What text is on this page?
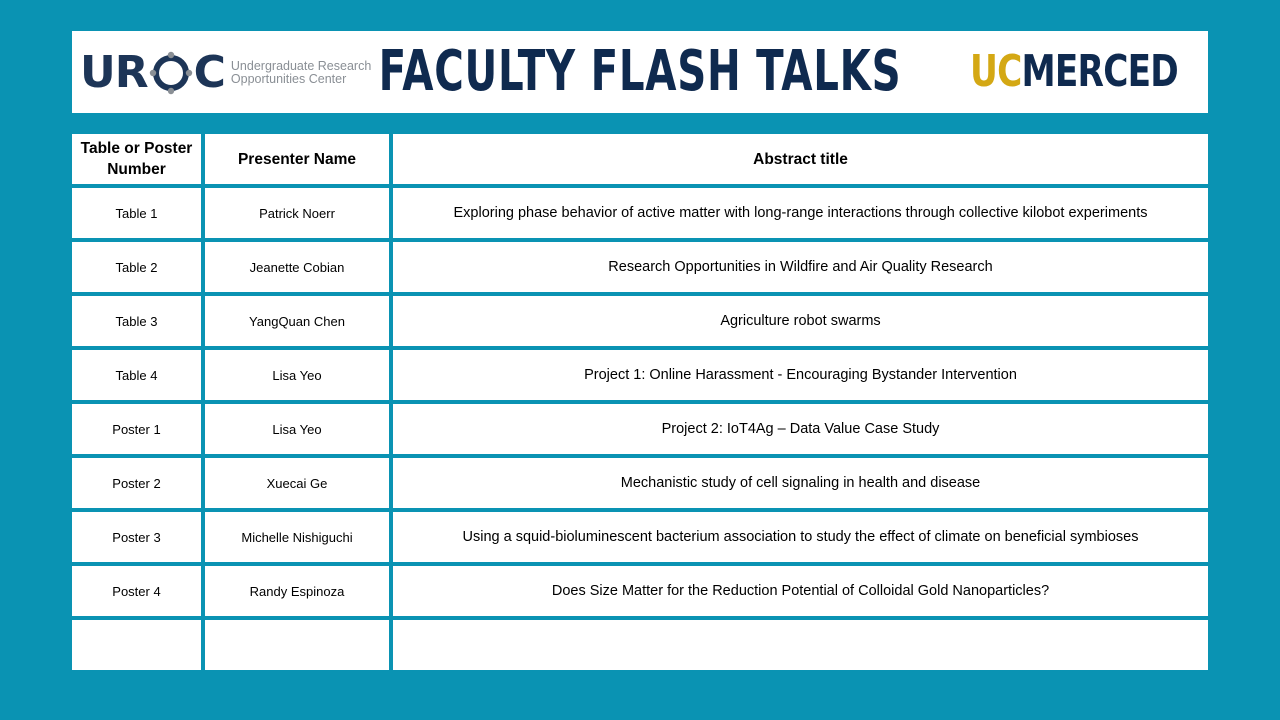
UR C Undergraduate Research
Opportunities Center FACULTY FLASH TALKS	UCMERCED
Table or Poster Number	Presenter Name	Abstract title
Table 1	Patrick Noerr	Exploring phase behavior of active matter with long-range interactions through collective kilobot experiments
Table 2	Jeanette Cobian	Research Opportunities in Wildfire and Air Quality Research
Table 3	YangQuan Chen	Agriculture robot swarms
Table 4	Lisa Yeo	Project 1: Online Harassment - Encouraging Bystander Intervention
Poster 1	Lisa Yeo	Project 2: IoT4Ag – Data Value Case Study
Poster 2	Xuecai Ge	Mechanistic study of cell signaling in health and disease
Poster 3	Michelle Nishiguchi	Using a squid-bioluminescent bacterium association to study the effect of climate on beneficial symbioses
Poster 4	Randy Espinoza	Does Size Matter for the Reduction Potential of Colloidal Gold Nanoparticles?
